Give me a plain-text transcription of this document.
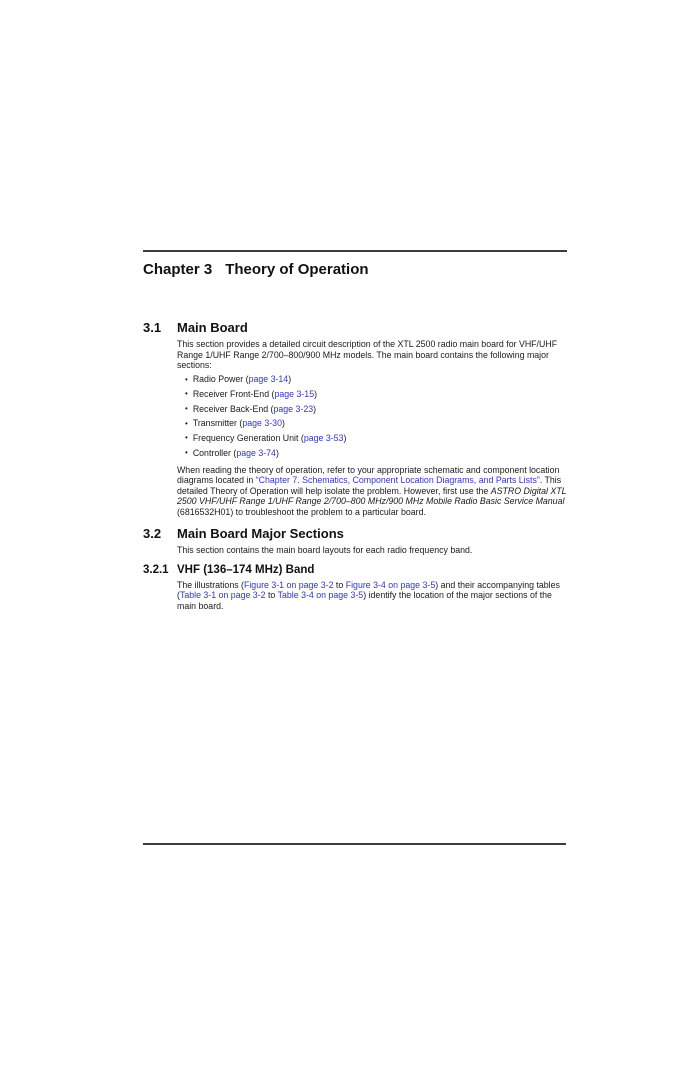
Chapter 3 Theory of Operation
3.1	Main Board

This section provides a detailed circuit description of the XTL 2500 radio main board for VHF/UHF Range 1/UHF Range 2/700–800/900 MHz models. The main board contains the following major sections:

• Radio Power (page 3-14)
• Receiver Front-End (page 3-15)
• Receiver Back-End (page 3-23)
• Transmitter (page 3-30)
• Frequency Generation Unit (page 3-53)
• Controller (page 3-74)

When reading the theory of operation, refer to your appropriate schematic and component location diagrams located in “Chapter 7. Schematics, Component Location Diagrams, and Parts Lists”. This detailed Theory of Operation will help isolate the problem. However, first use the ASTRO Digital XTL 2500 VHF/UHF Range 1/UHF Range 2/700–800 MHz/900 MHz Mobile Radio Basic Service Manual (6816532H01) to troubleshoot the problem to a particular board.

3.2	Main Board Major Sections

This section contains the main board layouts for each radio frequency band.

3.2.1 VHF (136–174 MHz) Band

The illustrations (Figure 3-1 on page 3-2 to Figure 3-4 on page 3-5) and their accompanying tables (Table 3-1 on page 3-2 to Table 3-4 on page 3-5) identify the location of the major sections of the main board.
